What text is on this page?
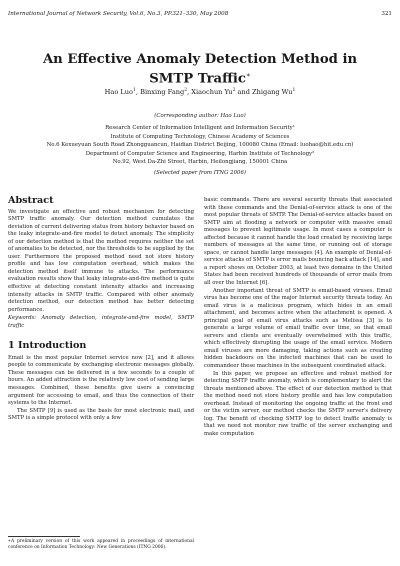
International Journal of Network Security, Vol.6, No.3, PP.321–330, May 2008	321
An Effective Anomaly Detection Method in
SMTP Traffic∗
Hao Luo$^1$, Binxing Fang$^2$, Xiaochun Yu$^2$ and Zhigang Wu$^1$
(Corresponding author: Hao Luo)
Research Center of Information Intelligent and Information Security¹
Institute of Computing Technology, Chinese Academy of Sciences
No.6 Kexueyuan South Road Zhongguancun, Haidian District Beijing, 100080 China (Email: luohao@hit.edu.cn)
Department of Computer Science and Engineering, Harbin Institute of Technology²
No.92, West Da-Zhi Street, Harbin, Heilongjiang, 150001 China
(Selected paper from ITNG 2006)

Abstract

We investigate an effective and robust mechanism for detecting SMTP traffic anomaly. Our detection method cumulates the deviation of current delivering status from history behavior based on the leaky integrate-and-fire model to detect anomaly. The simplicity of our detection method is that the method requires neither the set of anomalies to be detected, nor the thresholds to be supplied by the user. Furthermore the proposed method need not store history profile and has low computation overhead, which makes the detection method itself immune to attacks. The performance evaluation results show that leaky integrate-and-fire method is quite effective at detecting constant intensity attacks and increasing intensity attacks in SMTP traffic. Compared with other anomaly detection method, our detection method has better detecting performance.

Keywords: Anomaly detection, integrate-and-fire model, SMTP traffic

1 Introduction

Email is the most popular Internet service now [2], and it allows people to communicate by exchanging electronic messages globally. These messages can be delivered in a few seconds to a couple of hours. An added attraction is the relatively low cost of sending large messages. Combined, these benefits give users a convincing argument for accessing to email, and thus the connection of their systems to the Internet.

The SMTP [9] is used as the basis for most electronic mail, and SMTP is a simple protocol with only a few

basic commands. There are several security threats that associated with these commands and the Denial-of-service attack is one of the most popular threats of SMTP. The Denial-of-service attacks based on SMTP aim at flooding a network or computer with massive email messages to prevent legitimate usage. In most cases a computer is affected because it cannot handle the load created by receiving large numbers of messages at the same time, or running out of storage space, or cannot handle large messages [4]. An example of Denial-of-service attacks of SMTP is error mails bouncing back attack [14], and a report shows on October 2003, at least two domains in the United States had been received hundreds of thousands of error mails from all over the Internet [6].

Another important threat of SMTP is email-based viruses. Email virus has become one of the major Internet security threats today. An email virus is a malicious program, which hides in an email attachment, and becomes active when the attachment is opened. A principal goal of email virus attacks such as Melissa [3] is to generate a large volume of email traffic over time, so that email servers and clients are eventually overwhelmed with this traffic, which effectively disrupting the usage of the email service. Modern email viruses are more damaging, taking actions such as creating hidden backdoors on the infected machines that can be used to commandeer these machines in the subsequent coordinated attack.

In this paper, we propose an effective and robust method for detecting SMTP traffic anomaly, which is complementary to alert the threats mentioned above. The effect of our detection method is that the method need not store history profile and has low computation overhead. Instead of monitoring the ongoing traffic at the front end or the victim server, our method checks the SMTP server's delivery log. The benefit of checking SMTP log to detect traffic anomaly is that we need not monitor raw traffic of the server exchanging and make computation

∗A preliminary version of this work appeared in proceedings of international conference on Information Technology: New Generations (ITNG 2006).
